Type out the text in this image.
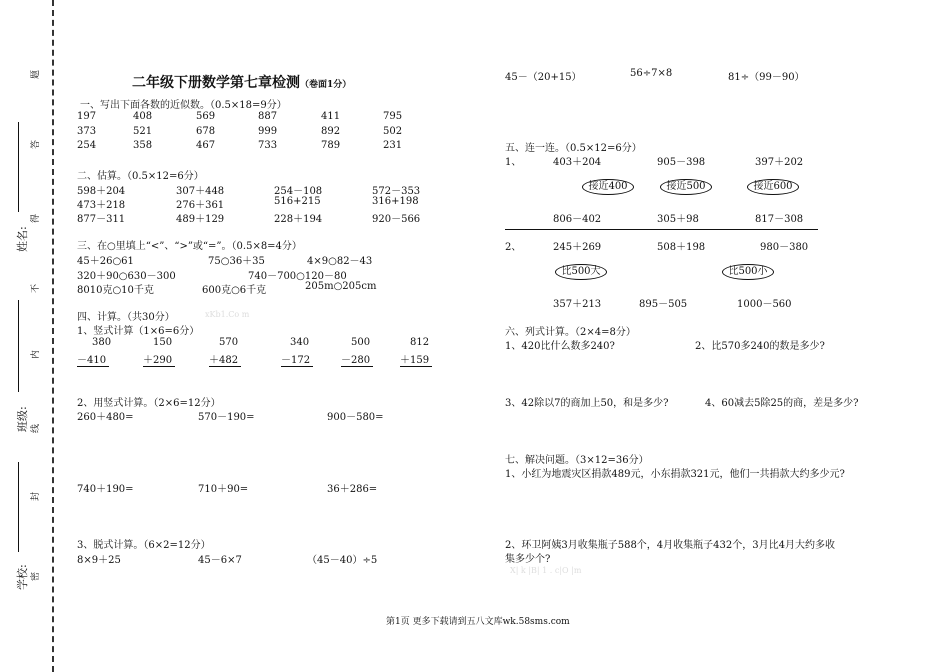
姓名:
班级:
学校:
题
答
得
不
内
线
封
密
二年级下册数学第七章检测（卷面1分）
一、写出下面各数的近似数。（0.5×18=9分）
197	408	569	887	411	795
373	521	678	999	892	502
254	358	467	733	789	231
二、估算。（0.5×12=6分）
598＋204	307＋448	254－108	572－353
473＋218	276＋361	516+215	316+198
877－311	489＋129	228＋194	920－566
三、在○里填上“<”、“>”或“=”。（0.5×8=4分）
45＋26○61	75○36＋35	4×9○82－43
320＋90○630－300	740－700○120－80
8010克○10千克	600克○6千克	205m○205cm
四、计算。（共30分）	xKb1.Co m
1、竖式计算（1×6=6分）
380	150	570	340	500	812
－410	＋290	＋482	－172	－280	＋159
2、用竖式计算。（2×6=12分）
260＋480=	570－190=	900－580=
740＋190=	710＋90=	36＋286=
3、脱式计算。（6×2=12分）
8×9＋25	45－6×7	（45－40）÷5
45－（20+15）	56÷7×8	81÷（99－90）
五、连一连。（0.5×12=6分）
1、	403＋204	905－398	397＋202
接近400	接近500	接近600
806－402	305＋98	817－308
2、	245＋269	508＋198	980－380
比500大	比500小
357＋213	895－505	1000－560
六、列式计算。（2×4=8分）
1、420比什么数多240?	2、比570多240的数是多少?
3、42除以7的商加上50，和是多少?	4、60减去5除25的商，差是多少?
七、解决问题。（3×12=36分）
1、小红为地震灾区捐款489元，小东捐款321元，他们一共捐款大约多少元?
2、环卫阿姨3月收集瓶子588个，4月收集瓶子432个，3月比4月大约多收
集多少个?
X| k |B| 1 . c|O |m
第1页 更多下载请到五八文库wk.58sms.com
